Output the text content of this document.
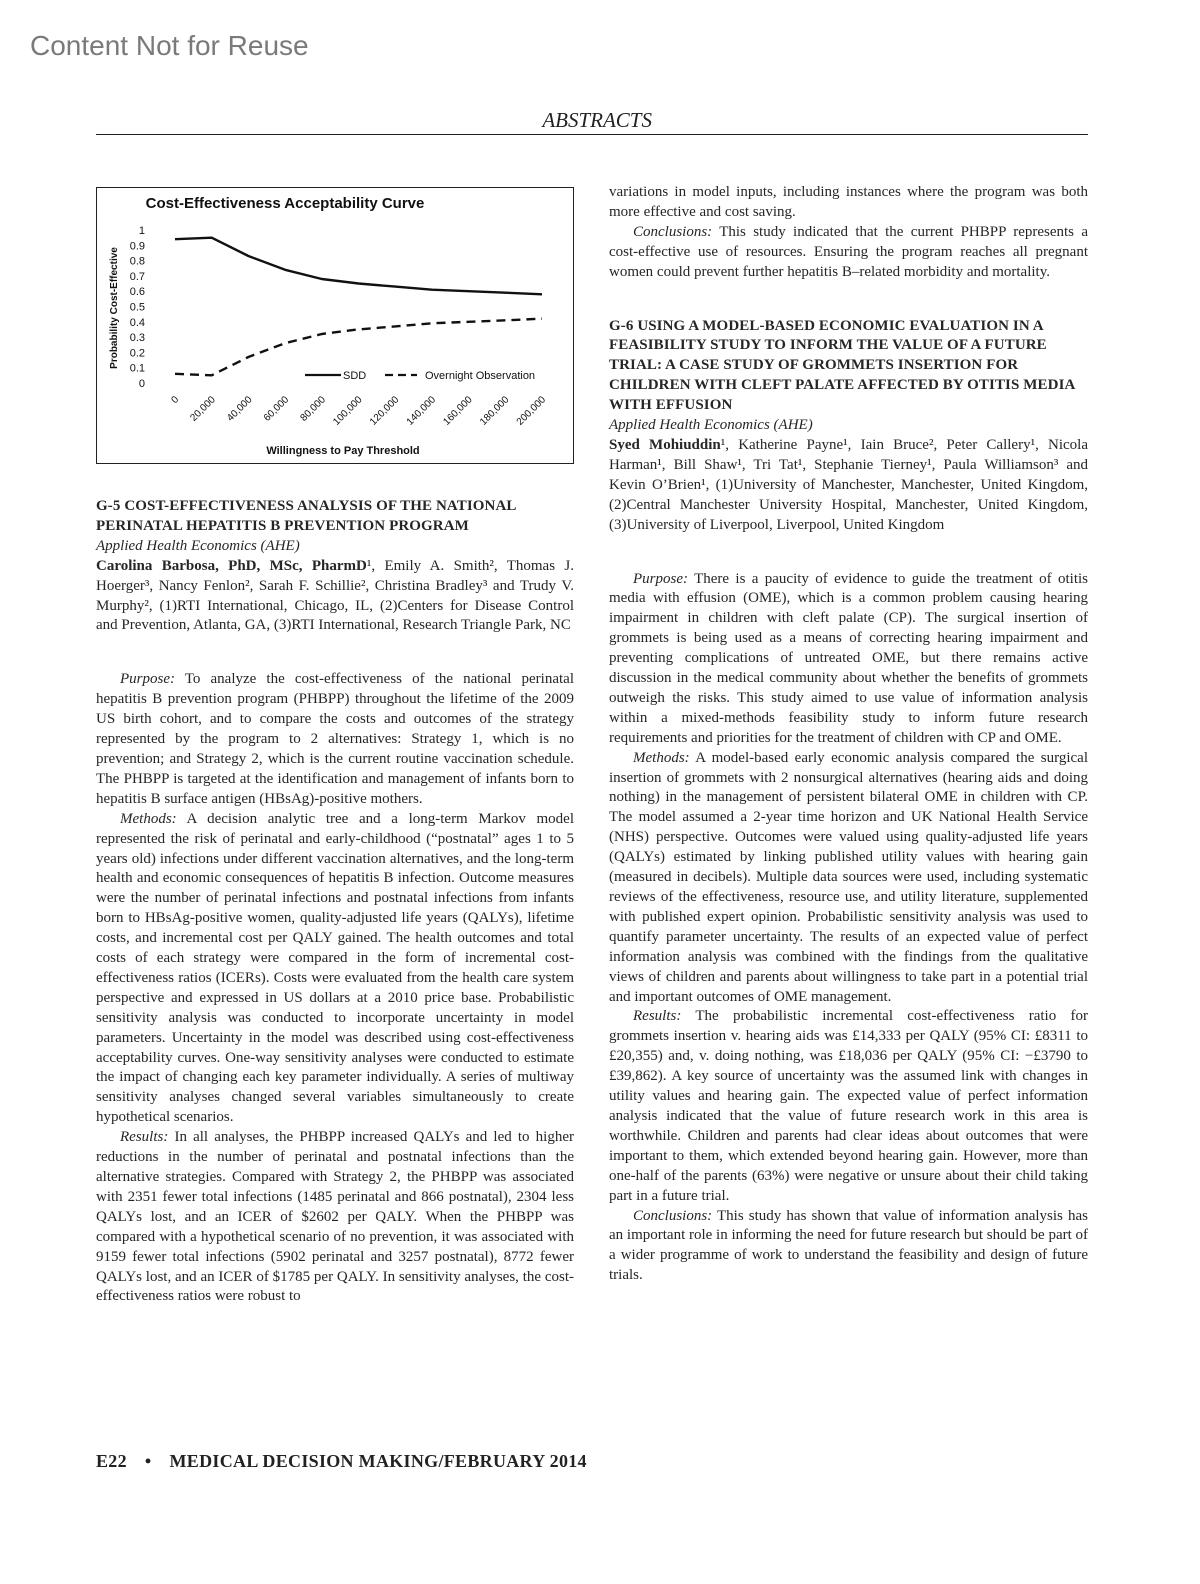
Content Not for Reuse
ABSTRACTS
Cost-Effectiveness Acceptability Curve
Probability Cost-Effective
Willingness to Pay Threshold
0
0.1
0.2
0.3
0.4
0.5
0.6
0.7
0.8
0.9
1
0 20,000 40,000 60,000 80,000 100,000 120,000 140,000 160,000 180,000 200,000
SDD	Overnight Observation
G-5 COST-EFFECTIVENESS ANALYSIS OF THE NATIONAL PERINATAL HEPATITIS B PREVENTION PROGRAM
Applied Health Economics (AHE)

Carolina Barbosa, PhD, MSc, PharmD¹, Emily A. Smith², Thomas J. Hoerger³, Nancy Fenlon², Sarah F. Schillie², Christina Bradley³ and Trudy V. Murphy², (1)RTI International, Chicago, IL, (2)Centers for Disease Control and Prevention, Atlanta, GA, (3)RTI International, Research Triangle Park, NC

Purpose: To analyze the cost-effectiveness of the national perinatal hepatitis B prevention program (PHBPP) throughout the lifetime of the 2009 US birth cohort, and to compare the costs and outcomes of the strategy represented by the program to 2 alternatives: Strategy 1, which is no prevention; and Strategy 2, which is the current routine vaccination schedule. The PHBPP is targeted at the identification and management of infants born to hepatitis B surface antigen (HBsAg)-positive mothers.

Methods: A decision analytic tree and a long-term Markov model represented the risk of perinatal and early-childhood (“postnatal” ages 1 to 5 years old) infections under different vaccination alternatives, and the long-term health and economic consequences of hepatitis B infection. Outcome measures were the number of perinatal infections and postnatal infections from infants born to HBsAg-positive women, quality-adjusted life years (QALYs), lifetime costs, and incremental cost per QALY gained. The health outcomes and total costs of each strategy were compared in the form of incremental cost-effectiveness ratios (ICERs). Costs were evaluated from the health care system perspective and expressed in US dollars at a 2010 price base. Probabilistic sensitivity analysis was conducted to incorporate uncertainty in model parameters. Uncertainty in the model was described using cost-effectiveness acceptability curves. One-way sensitivity analyses were conducted to estimate the impact of changing each key parameter individually. A series of multiway sensitivity analyses changed several variables simultaneously to create hypothetical scenarios.

Results: In all analyses, the PHBPP increased QALYs and led to higher reductions in the number of perinatal and postnatal infections than the alternative strategies. Compared with Strategy 2, the PHBPP was associated with 2351 fewer total infections (1485 perinatal and 866 postnatal), 2304 less QALYs lost, and an ICER of $2602 per QALY. When the PHBPP was compared with a hypothetical scenario of no prevention, it was associated with 9159 fewer total infections (5902 perinatal and 3257 postnatal), 8772 fewer QALYs lost, and an ICER of $1785 per QALY. In sensitivity analyses, the cost-effectiveness ratios were robust to

variations in model inputs, including instances where the program was both more effective and cost saving.

Conclusions: This study indicated that the current PHBPP represents a cost-effective use of resources. Ensuring the program reaches all pregnant women could prevent further hepatitis B–related morbidity and mortality.

G-6 USING A MODEL-BASED ECONOMIC EVALUATION IN A FEASIBILITY STUDY TO INFORM THE VALUE OF A FUTURE TRIAL: A CASE STUDY OF GROMMETS INSERTION FOR CHILDREN WITH CLEFT PALATE AFFECTED BY OTITIS MEDIA WITH EFFUSION
Applied Health Economics (AHE)

Syed Mohiuddin¹, Katherine Payne¹, Iain Bruce², Peter Callery¹, Nicola Harman¹, Bill Shaw¹, Tri Tat¹, Stephanie Tierney¹, Paula Williamson³ and Kevin O’Brien¹, (1)University of Manchester, Manchester, United Kingdom, (2)Central Manchester University Hospital, Manchester, United Kingdom, (3)University of Liverpool, Liverpool, United Kingdom

Purpose: There is a paucity of evidence to guide the treatment of otitis media with effusion (OME), which is a common problem causing hearing impairment in children with cleft palate (CP). The surgical insertion of grommets is being used as a means of correcting hearing impairment and preventing complications of untreated OME, but there remains active discussion in the medical community about whether the benefits of grommets outweigh the risks. This study aimed to use value of information analysis within a mixed-methods feasibility study to inform future research requirements and priorities for the treatment of children with CP and OME.

Methods: A model-based early economic analysis compared the surgical insertion of grommets with 2 nonsurgical alternatives (hearing aids and doing nothing) in the management of persistent bilateral OME in children with CP. The model assumed a 2-year time horizon and UK National Health Service (NHS) perspective. Outcomes were valued using quality-adjusted life years (QALYs) estimated by linking published utility values with hearing gain (measured in decibels). Multiple data sources were used, including systematic reviews of the effectiveness, resource use, and utility literature, supplemented with published expert opinion. Probabilistic sensitivity analysis was used to quantify parameter uncertainty. The results of an expected value of perfect information analysis was combined with the findings from the qualitative views of children and parents about willingness to take part in a potential trial and important outcomes of OME management.

Results: The probabilistic incremental cost-effectiveness ratio for grommets insertion v. hearing aids was £14,333 per QALY (95% CI: £8311 to £20,355) and, v. doing nothing, was £18,036 per QALY (95% CI: −£3790 to £39,862). A key source of uncertainty was the assumed link with changes in utility values and hearing gain. The expected value of perfect information analysis indicated that the value of future research work in this area is worthwhile. Children and parents had clear ideas about outcomes that were important to them, which extended beyond hearing gain. However, more than one-half of the parents (63%) were negative or unsure about their child taking part in a future trial.

Conclusions: This study has shown that value of information analysis has an important role in informing the need for future research but should be part of a wider programme of work to understand the feasibility and design of future trials.

E22 • MEDICAL DECISION MAKING/FEBRUARY 2014
